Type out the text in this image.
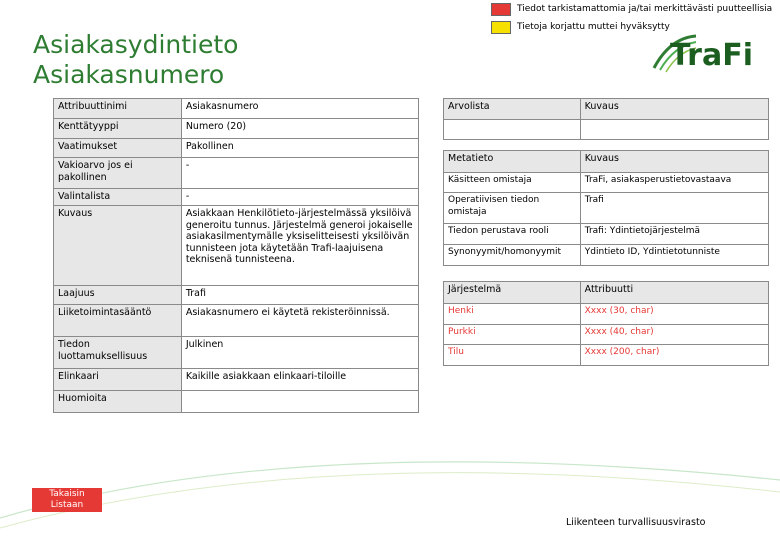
Tiedot tarkistamattomia ja/tai merkittävästi puutteellisia
Tietoja korjattu muttei hyväksytty
Asiakasydintieto
Asiakasnumero
TraFi
Attribuuttinimi	Asiakasnumero
Kenttätyyppi	Numero (20)
Vaatimukset	Pakollinen
Vakioarvo jos ei pakollinen	-
Valintalista	-
Kuvaus	Asiakkaan Henkilötieto-järjestelmässä yksilöivä generoitu tunnus. Järjestelmä generoi jokaiselle asiakasilmentymälle yksiselitteisesti yksilöivän tunnisteen jota käytetään Trafi-laajuisena teknisenä tunnisteena.
Laajuus	Trafi
Liiketoimintasääntö	Asiakasnumero ei käytetä rekisteröinnissä.
Tiedon luottamuksellisuus	Julkinen
Elinkaari	Kaikille asiakkaan elinkaari-tiloille
Huomioita	
Arvolista	Kuvaus

Metatieto	Kuvaus
Käsitteen omistaja	TraFi, asiakasperustietovastaava
Operatiivisen tiedon omistaja	Trafi
Tiedon perustava rooli	Trafi: Ydintietojärjestelmä
Synonyymit/homonyymit	Ydintieto ID, Ydintietotunniste
Järjestelmä	Attribuutti
Henki	Xxxx (30, char)
Purkki	Xxxx (40, char)
Tilu	Xxxx (200, char)
Takaisin
Listaan
Liikenteen turvallisuusvirasto
